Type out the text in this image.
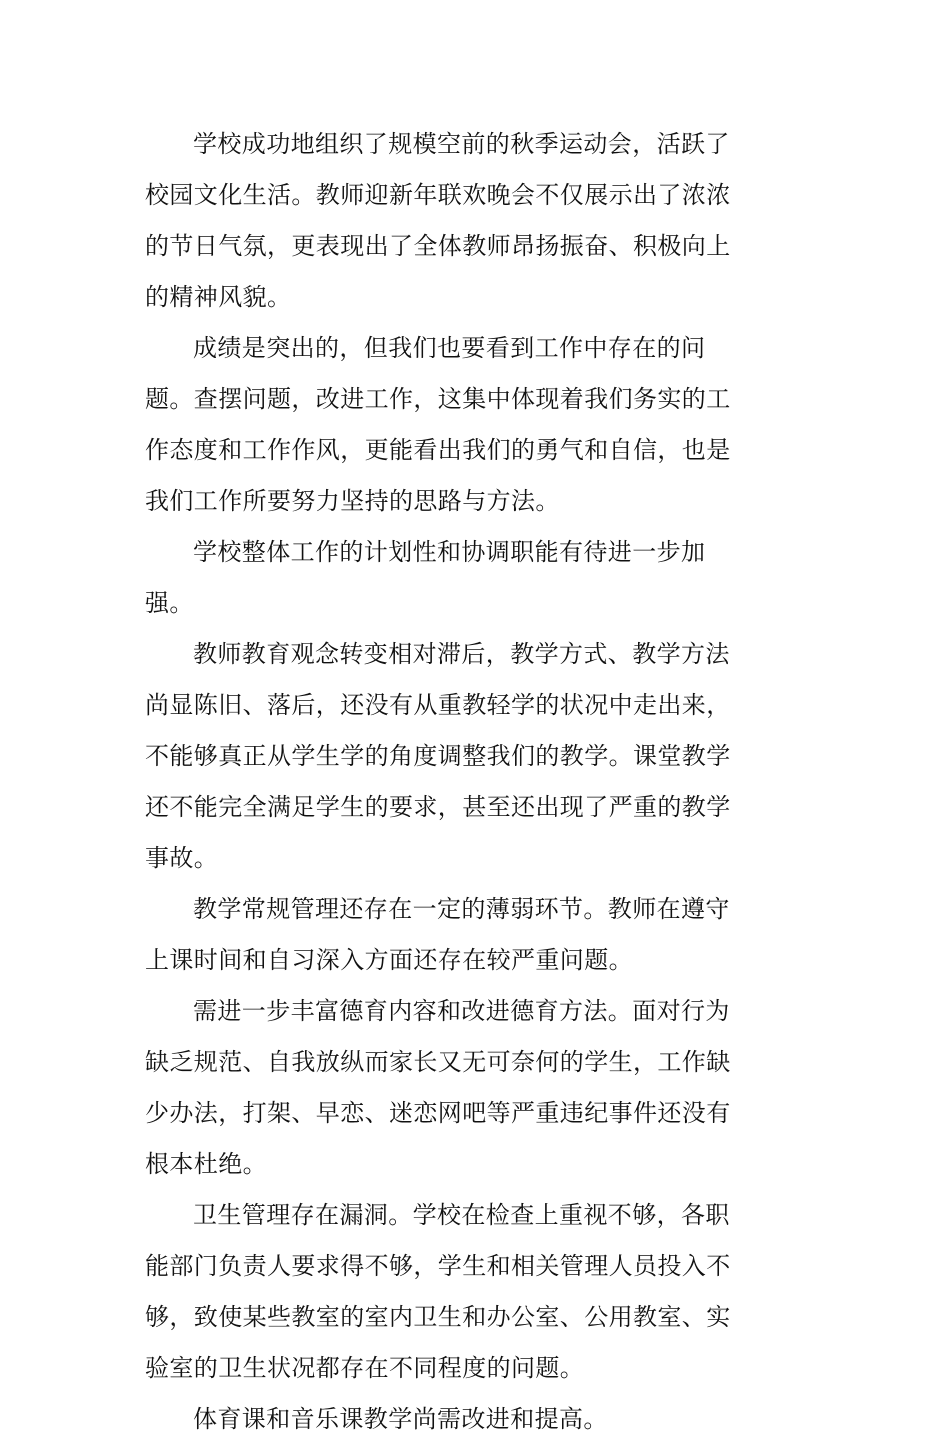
学校成功地组织了规模空前的秋季运动会，活跃了校园文化生活。教师迎新年联欢晚会不仅展示出了浓浓的节日气氛，更表现出了全体教师昂扬振奋、积极向上的精神风貌。

成绩是突出的，但我们也要看到工作中存在的问题。查摆问题，改进工作，这集中体现着我们务实的工作态度和工作作风，更能看出我们的勇气和自信，也是我们工作所要努力坚持的思路与方法。

学校整体工作的计划性和协调职能有待进一步加强。

教师教育观念转变相对滞后，教学方式、教学方法尚显陈旧、落后，还没有从重教轻学的状况中走出来，不能够真正从学生学的角度调整我们的教学。课堂教学还不能完全满足学生的要求，甚至还出现了严重的教学事故。

教学常规管理还存在一定的薄弱环节。教师在遵守上课时间和自习深入方面还存在较严重问题。

需进一步丰富德育内容和改进德育方法。面对行为缺乏规范、自我放纵而家长又无可奈何的学生，工作缺少办法，打架、早恋、迷恋网吧等严重违纪事件还没有根本杜绝。

卫生管理存在漏洞。学校在检查上重视不够，各职能部门负责人要求得不够，学生和相关管理人员投入不够，致使某些教室的室内卫生和办公室、公用教室、实验室的卫生状况都存在不同程度的问题。

体育课和音乐课教学尚需改进和提高。
